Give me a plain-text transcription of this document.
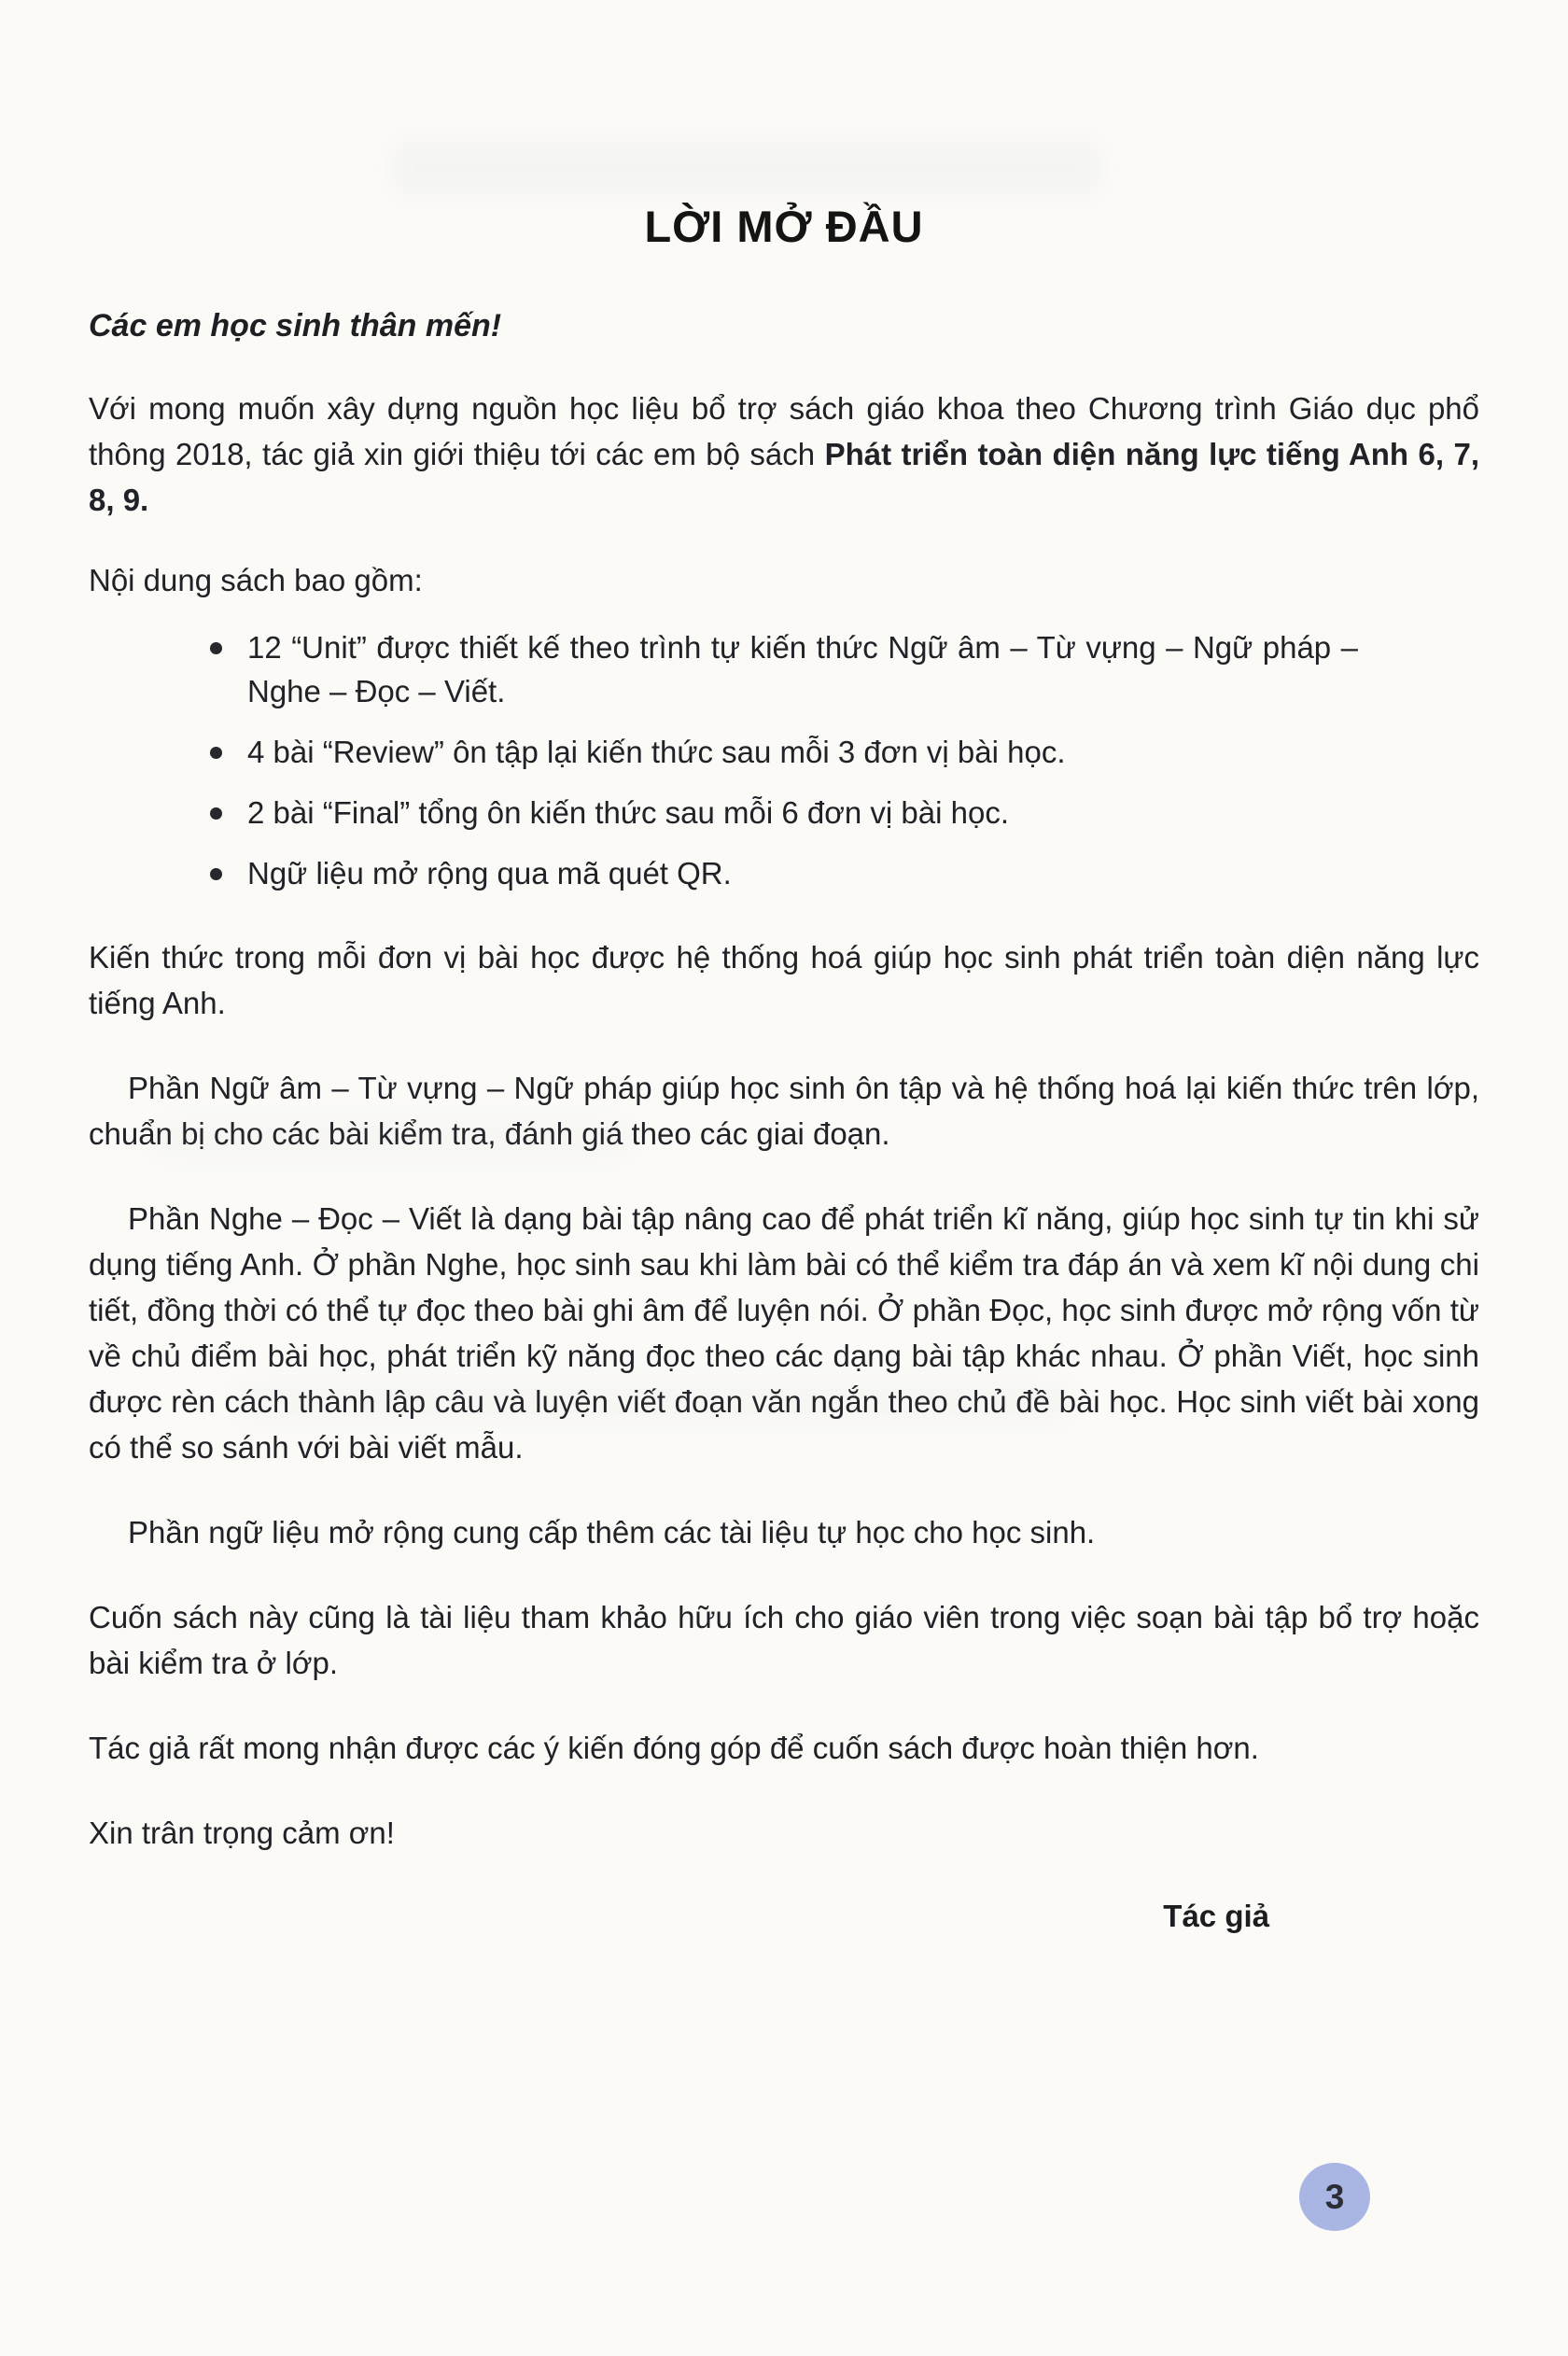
LỜI MỞ ĐẦU

Các em học sinh thân mến!

Với mong muốn xây dựng nguồn học liệu bổ trợ sách giáo khoa theo Chương trình Giáo dục phổ thông 2018, tác giả xin giới thiệu tới các em bộ sách Phát triển toàn diện năng lực tiếng Anh 6, 7, 8, 9.

Nội dung sách bao gồm:

12 “Unit” được thiết kế theo trình tự kiến thức Ngữ âm – Từ vựng – Ngữ pháp – Nghe – Đọc – Viết.
4 bài “Review” ôn tập lại kiến thức sau mỗi 3 đơn vị bài học.
2 bài “Final” tổng ôn kiến thức sau mỗi 6 đơn vị bài học.
Ngữ liệu mở rộng qua mã quét QR.

Kiến thức trong mỗi đơn vị bài học được hệ thống hoá giúp học sinh phát triển toàn diện năng lực tiếng Anh.

Phần Ngữ âm – Từ vựng – Ngữ pháp giúp học sinh ôn tập và hệ thống hoá lại kiến thức trên lớp, chuẩn bị cho các bài kiểm tra, đánh giá theo các giai đoạn.

Phần Nghe – Đọc – Viết là dạng bài tập nâng cao để phát triển kĩ năng, giúp học sinh tự tin khi sử dụng tiếng Anh. Ở phần Nghe, học sinh sau khi làm bài có thể kiểm tra đáp án và xem kĩ nội dung chi tiết, đồng thời có thể tự đọc theo bài ghi âm để luyện nói. Ở phần Đọc, học sinh được mở rộng vốn từ về chủ điểm bài học, phát triển kỹ năng đọc theo các dạng bài tập khác nhau. Ở phần Viết, học sinh được rèn cách thành lập câu và luyện viết đoạn văn ngắn theo chủ đề bài học. Học sinh viết bài xong có thể so sánh với bài viết mẫu.

Phần ngữ liệu mở rộng cung cấp thêm các tài liệu tự học cho học sinh.

Cuốn sách này cũng là tài liệu tham khảo hữu ích cho giáo viên trong việc soạn bài tập bổ trợ hoặc bài kiểm tra ở lớp.

Tác giả rất mong nhận được các ý kiến đóng góp để cuốn sách được hoàn thiện hơn.

Xin trân trọng cảm ơn!

Tác giả

3
